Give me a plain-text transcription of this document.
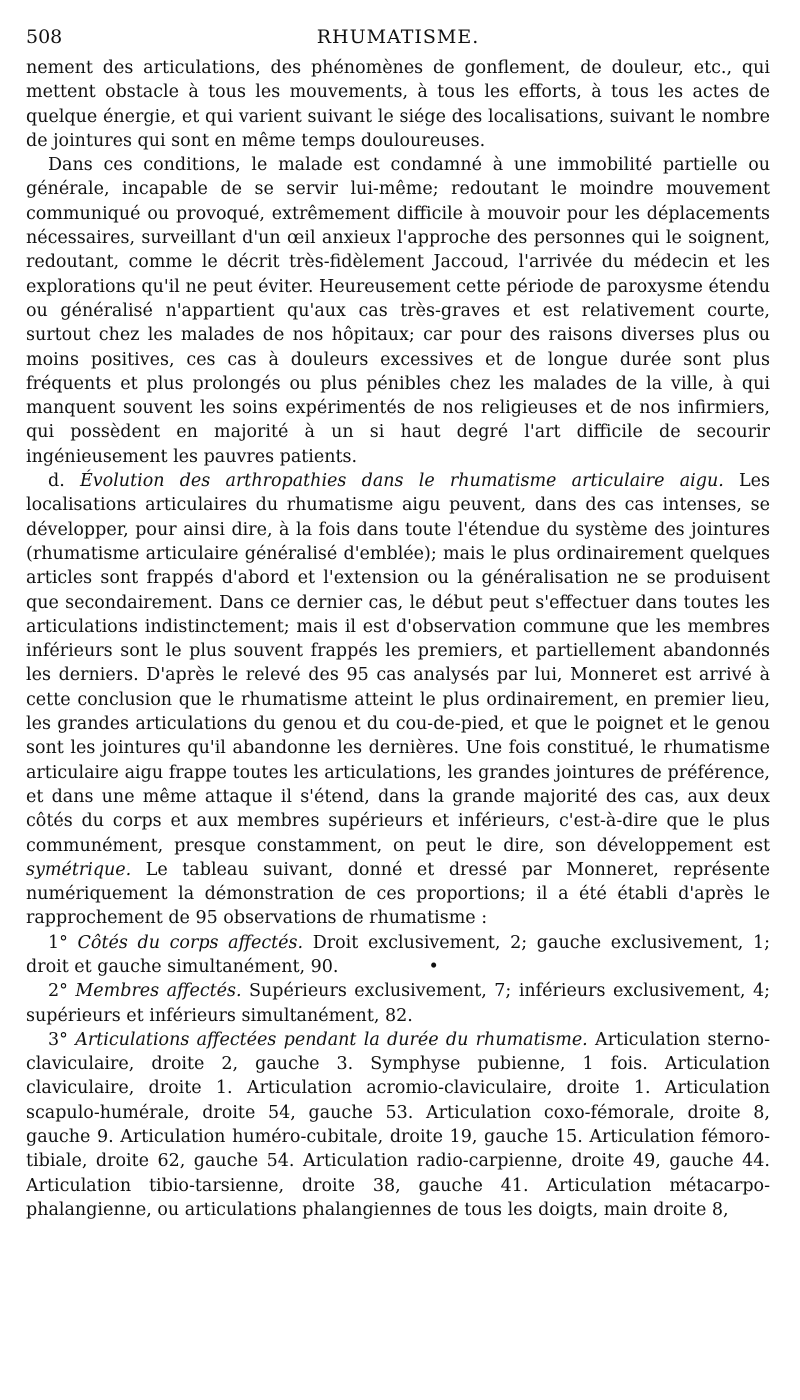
508	RHUMATISME.

nement des articulations, des phénomènes de gonflement, de douleur, etc., qui mettent obstacle à tous les mouvements, à tous les efforts, à tous les actes de quelque énergie, et qui varient suivant le siége des localisations, suivant le nombre de jointures qui sont en même temps douloureuses.

Dans ces conditions, le malade est condamné à une immobilité partielle ou générale, incapable de se servir lui-même; redoutant le moindre mouvement communiqué ou provoqué, extrêmement difficile à mouvoir pour les déplacements nécessaires, surveillant d'un œil anxieux l'approche des personnes qui le soignent, redoutant, comme le décrit très-fidèlement Jaccoud, l'arrivée du médecin et les explorations qu'il ne peut éviter. Heureusement cette période de paroxysme étendu ou généralisé n'appartient qu'aux cas très-graves et est relativement courte, surtout chez les malades de nos hôpitaux; car pour des raisons diverses plus ou moins positives, ces cas à douleurs excessives et de longue durée sont plus fréquents et plus prolongés ou plus pénibles chez les malades de la ville, à qui manquent souvent les soins expérimentés de nos religieuses et de nos infirmiers, qui possèdent en majorité à un si haut degré l'art difficile de secourir ingénieusement les pauvres patients.

d. Évolution des arthropathies dans le rhumatisme articulaire aigu. Les localisations articulaires du rhumatisme aigu peuvent, dans des cas intenses, se développer, pour ainsi dire, à la fois dans toute l'étendue du système des jointures (rhumatisme articulaire généralisé d'emblée); mais le plus ordinairement quelques articles sont frappés d'abord et l'extension ou la généralisation ne se produisent que secondairement. Dans ce dernier cas, le début peut s'effectuer dans toutes les articulations indistinctement; mais il est d'observation commune que les membres inférieurs sont le plus souvent frappés les premiers, et partiellement abandonnés les derniers. D'après le relevé des 95 cas analysés par lui, Monneret est arrivé à cette conclusion que le rhumatisme atteint le plus ordinairement, en premier lieu, les grandes articulations du genou et du cou-de-pied, et que le poignet et le genou sont les jointures qu'il abandonne les dernières. Une fois constitué, le rhumatisme articulaire aigu frappe toutes les articulations, les grandes jointures de préférence, et dans une même attaque il s'étend, dans la grande majorité des cas, aux deux côtés du corps et aux membres supérieurs et inférieurs, c'est-à-dire que le plus communément, presque constamment, on peut le dire, son développement est symétrique. Le tableau suivant, donné et dressé par Monneret, représente numériquement la démonstration de ces proportions; il a été établi d'après le rapprochement de 95 observations de rhumatisme :

1° Côtés du corps affectés. Droit exclusivement, 2; gauche exclusivement, 1; droit et gauche simultanément, 90.	•

2° Membres affectés. Supérieurs exclusivement, 7; inférieurs exclusivement, 4; supérieurs et inférieurs simultanément, 82.

3° Articulations affectées pendant la durée du rhumatisme. Articulation sterno-claviculaire, droite 2, gauche 3. Symphyse pubienne, 1 fois. Articulation claviculaire, droite 1. Articulation acromio-claviculaire, droite 1. Articulation scapulo-humérale, droite 54, gauche 53. Articulation coxo-fémorale, droite 8, gauche 9. Articulation huméro-cubitale, droite 19, gauche 15. Articulation fémoro-tibiale, droite 62, gauche 54. Articulation radio-carpienne, droite 49, gauche 44. Articulation tibio-tarsienne, droite 38, gauche 41. Articulation métacarpo-phalangienne, ou articulations phalangiennes de tous les doigts, main droite 8,
